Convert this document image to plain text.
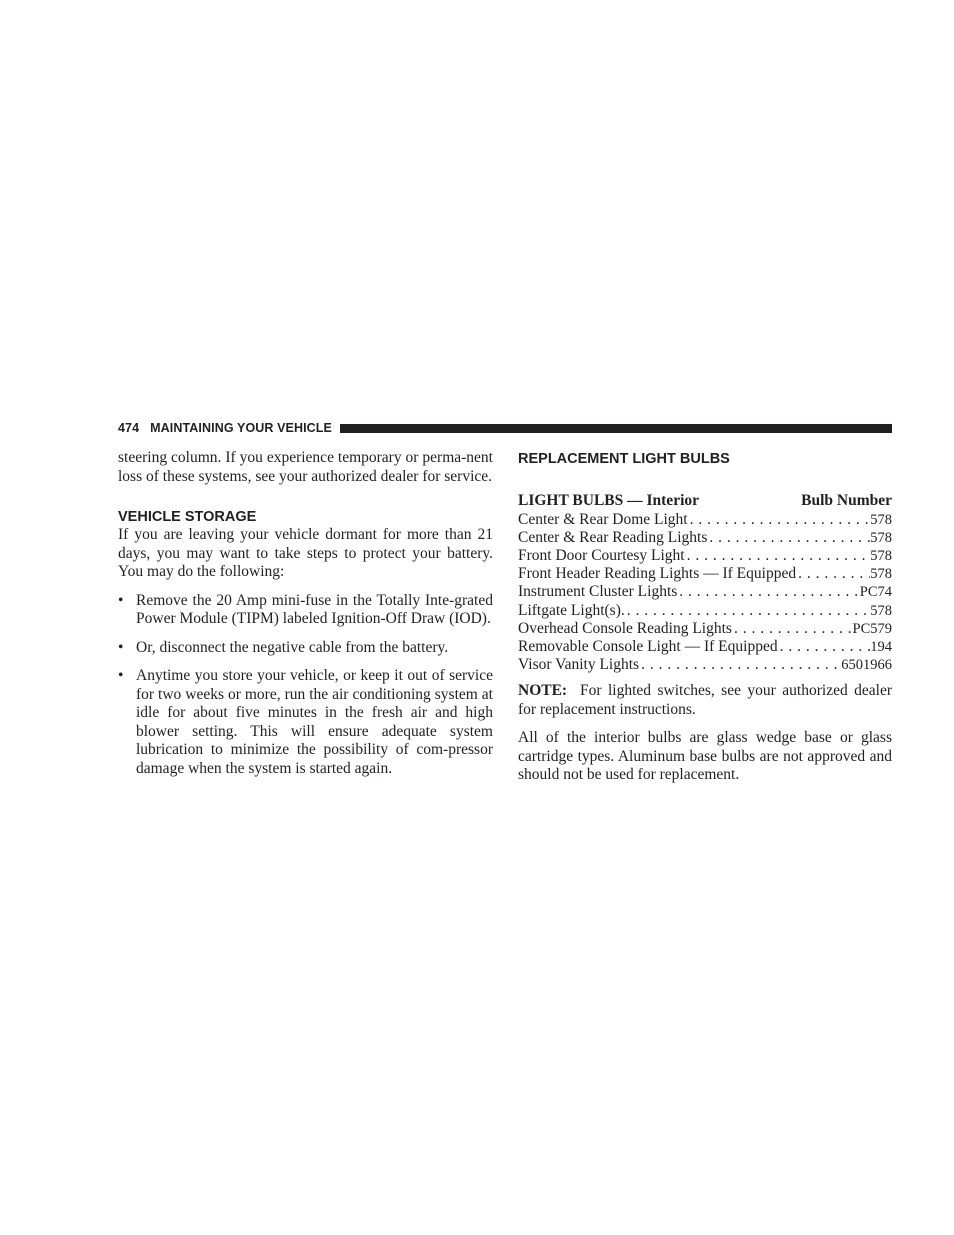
474 MAINTAINING YOUR VEHICLE

steering column. If you experience temporary or perma-nent loss of these systems, see your authorized dealer for service.

VEHICLE STORAGE

If you are leaving your vehicle dormant for more than 21 days, you may want to take steps to protect your battery. You may do the following:

• Remove the 20 Amp mini-fuse in the Totally Inte-grated Power Module (TIPM) labeled Ignition-Off Draw (IOD).
• Or, disconnect the negative cable from the battery.
• Anytime you store your vehicle, or keep it out of service for two weeks or more, run the air conditioning system at idle for about five minutes in the fresh air and high blower setting. This will ensure adequate system lubrication to minimize the possibility of com-pressor damage when the system is started again.
REPLACEMENT LIGHT BULBS
LIGHT BULBS — Interior	Bulb Number
Center & Rear Dome Light . . .	578
Center & Rear Reading Lights . . .	578
Front Door Courtesy Light . . .	578
Front Header Reading Lights — If Equipped . . .	578
Instrument Cluster Lights . . .	PC74
Liftgate Light(s). . . .	578
Overhead Console Reading Lights . . .	PC579
Removable Console Light — If Equipped . . .	194
Visor Vanity Lights . . .	6501966

NOTE: For lighted switches, see your authorized dealer for replacement instructions.

All of the interior bulbs are glass wedge base or glass cartridge types. Aluminum base bulbs are not approved and should not be used for replacement.
